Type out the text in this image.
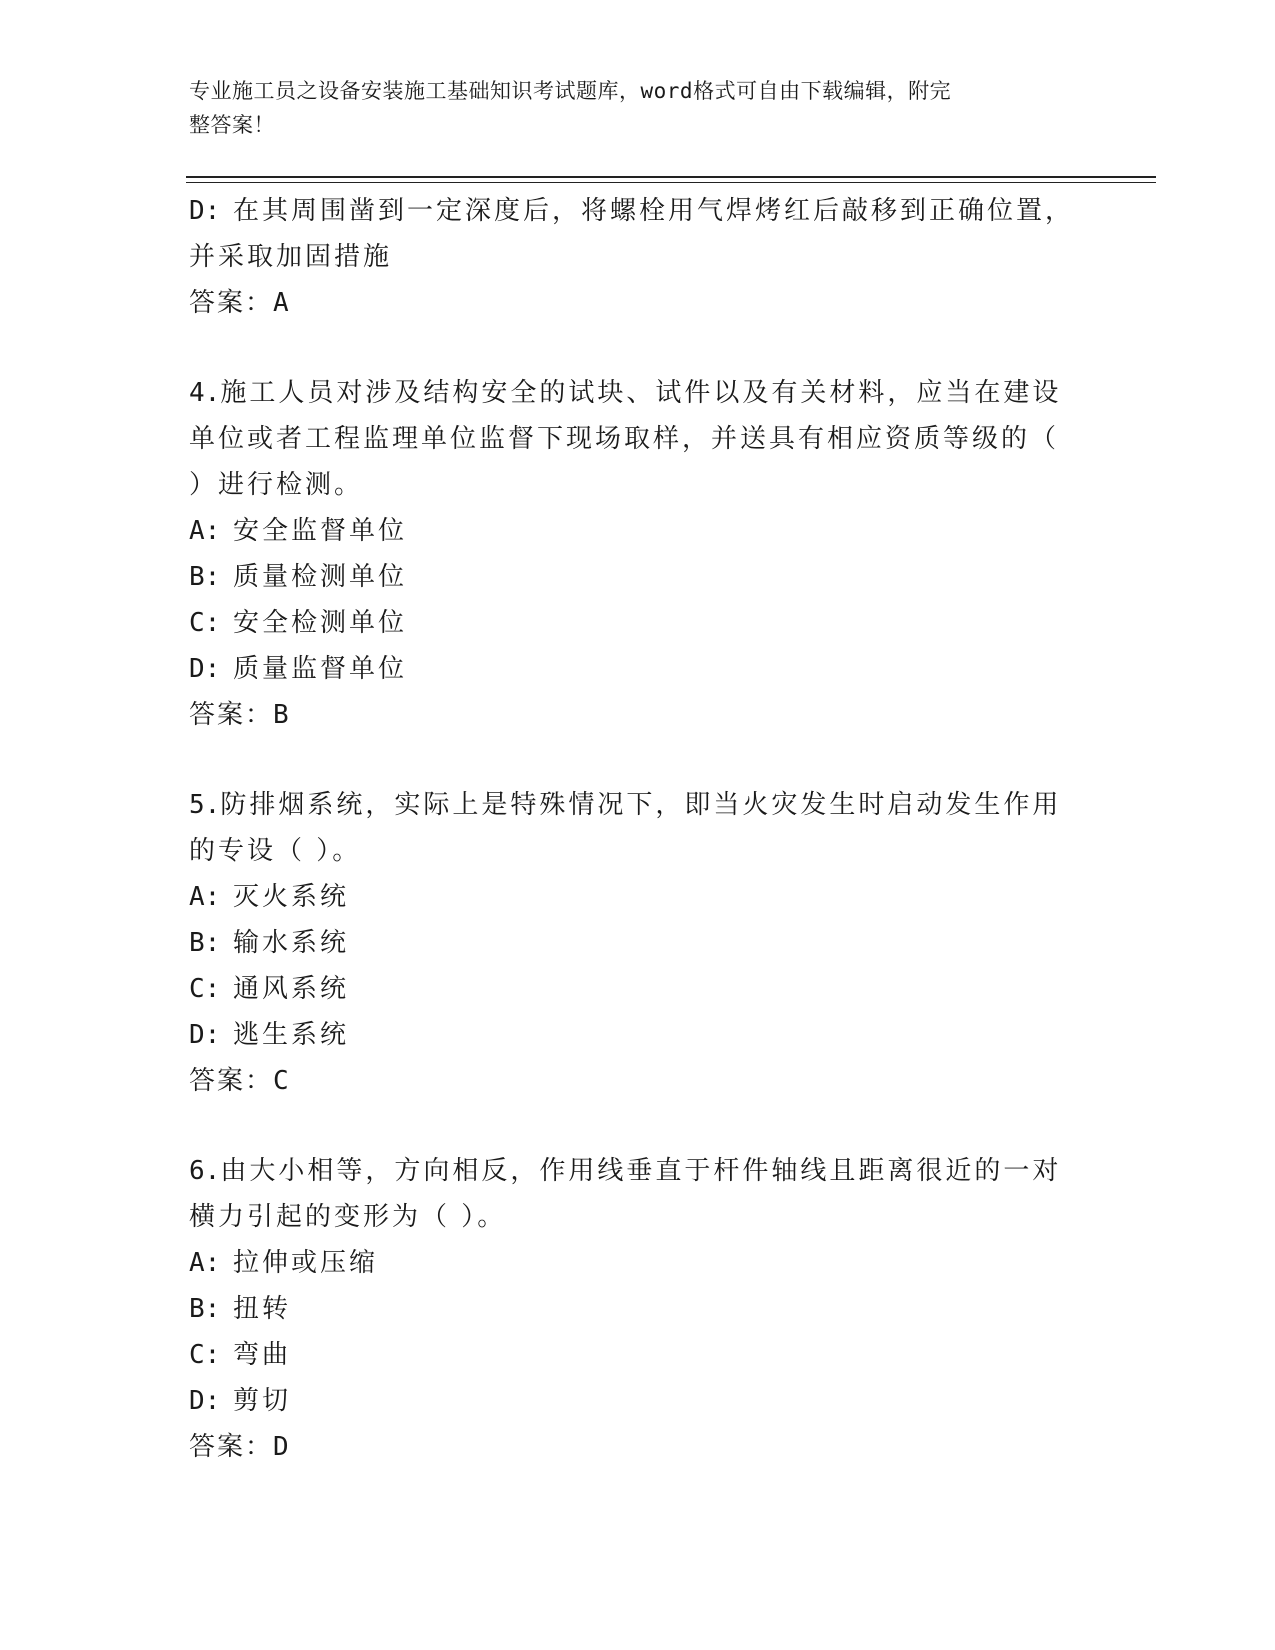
专业施工员之设备安装施工基础知识考试题库，word格式可自由下载编辑，附完
整答案！
D: 在其周围凿到一定深度后，将螺栓用气焊烤红后敲移到正确位置，
并采取加固措施
答案：A
4.施工人员对涉及结构安全的试块、试件以及有关材料，应当在建设
单位或者工程监理单位监督下现场取样，并送具有相应资质等级的（
）进行检测。
A: 安全监督单位
B: 质量检测单位
C: 安全检测单位
D: 质量监督单位
答案：B
5.防排烟系统，实际上是特殊情况下，即当火灾发生时启动发生作用
的专设（ ）。
A: 灭火系统
B: 输水系统
C: 通风系统
D: 逃生系统
答案：C
6.由大小相等，方向相反，作用线垂直于杆件轴线且距离很近的一对
横力引起的变形为（ ）。
A: 拉伸或压缩
B: 扭转
C: 弯曲
D: 剪切
答案：D
